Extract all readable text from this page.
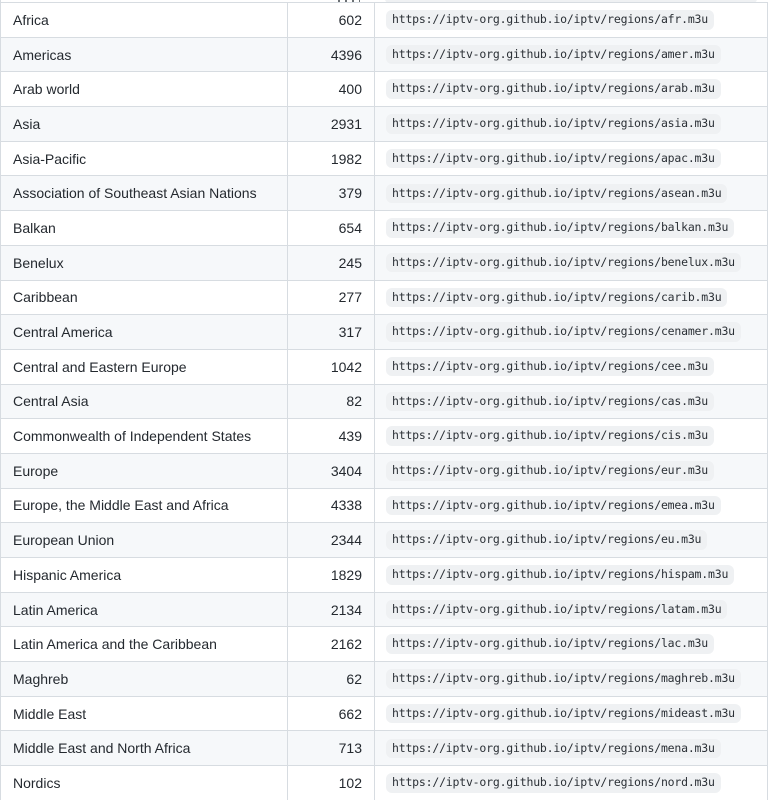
Africa	602	https://iptv-org.github.io/iptv/regions/afr.m3u
Americas	4396	https://iptv-org.github.io/iptv/regions/amer.m3u
Arab world	400	https://iptv-org.github.io/iptv/regions/arab.m3u
Asia	2931	https://iptv-org.github.io/iptv/regions/asia.m3u
Asia-Pacific	1982	https://iptv-org.github.io/iptv/regions/apac.m3u
Association of Southeast Asian Nations	379	https://iptv-org.github.io/iptv/regions/asean.m3u
Balkan	654	https://iptv-org.github.io/iptv/regions/balkan.m3u
Benelux	245	https://iptv-org.github.io/iptv/regions/benelux.m3u
Caribbean	277	https://iptv-org.github.io/iptv/regions/carib.m3u
Central America	317	https://iptv-org.github.io/iptv/regions/cenamer.m3u
Central and Eastern Europe	1042	https://iptv-org.github.io/iptv/regions/cee.m3u
Central Asia	82	https://iptv-org.github.io/iptv/regions/cas.m3u
Commonwealth of Independent States	439	https://iptv-org.github.io/iptv/regions/cis.m3u
Europe	3404	https://iptv-org.github.io/iptv/regions/eur.m3u
Europe, the Middle East and Africa	4338	https://iptv-org.github.io/iptv/regions/emea.m3u
European Union	2344	https://iptv-org.github.io/iptv/regions/eu.m3u
Hispanic America	1829	https://iptv-org.github.io/iptv/regions/hispam.m3u
Latin America	2134	https://iptv-org.github.io/iptv/regions/latam.m3u
Latin America and the Caribbean	2162	https://iptv-org.github.io/iptv/regions/lac.m3u
Maghreb	62	https://iptv-org.github.io/iptv/regions/maghreb.m3u
Middle East	662	https://iptv-org.github.io/iptv/regions/mideast.m3u
Middle East and North Africa	713	https://iptv-org.github.io/iptv/regions/mena.m3u
Nordics	102	https://iptv-org.github.io/iptv/regions/nord.m3u
